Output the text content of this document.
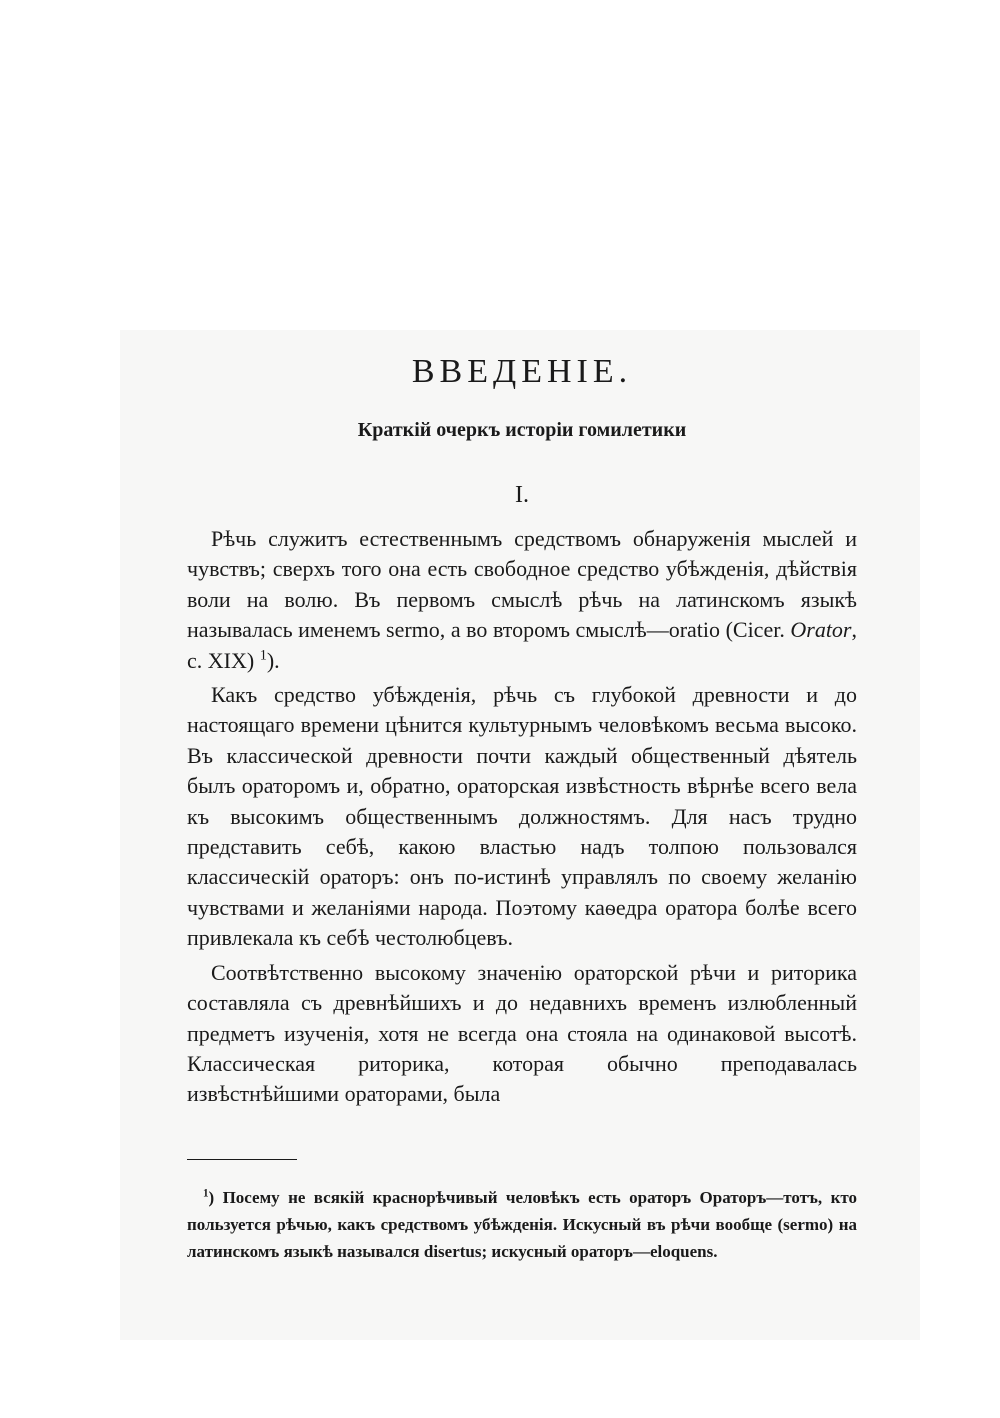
ВВЕДЕНІЕ.
Краткій очеркъ исторіи гомилетики
I.

Рѣчь служитъ естественнымъ средствомъ обнаруженія мыслей и чувствъ; сверхъ того она есть свободное средство убѣжденія, дѣйствія воли на волю. Въ первомъ смыслѣ рѣчь на латинскомъ языкѣ называлась именемъ sermo, а во второмъ смыслѣ—oratio (Cicer. Orator, c. XIX) $^1$).

Какъ средство убѣжденія, рѣчь съ глубокой древности и до настоящаго времени цѣнится культурнымъ человѣкомъ весьма высоко. Въ классической древности почти каждый общественный дѣятель былъ ораторомъ и, обратно, ораторская извѣстность вѣрнѣе всего вела къ высокимъ общественнымъ должностямъ. Для насъ трудно представить себѣ, какою властью надъ толпою пользовался классическій ораторъ: онъ по-истинѣ управлялъ по своему желанію чувствами и желаніями народа. Поэтому каѳедра оратора болѣе всего привлекала къ себѣ честолюбцевъ.

Соотвѣтственно высокому значенію ораторской рѣчи и риторика составляла съ древнѣйшихъ и до недавнихъ временъ излюбленный предметъ изученія, хотя не всегда она стояла на одинаковой высотѣ. Классическая риторика, которая обычно преподавалась извѣстнѣйшими ораторами, была

$^1$) Посему не всякій краснорѣчивый человѣкъ есть ораторъ Ораторъ—тотъ, кто пользуется рѣчью, какъ средствомъ убѣжденія. Искусный въ рѣчи вообще (sermo) на латинскомъ языкѣ назывался disertus; искусный ораторъ—eloquens.
